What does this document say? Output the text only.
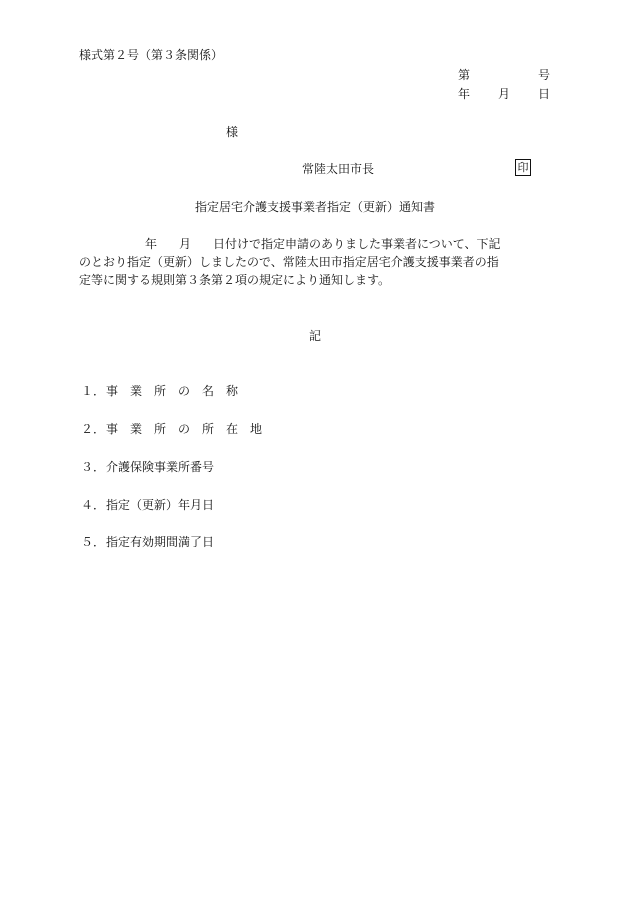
様式第２号（第３条関係）
第	号
年 月 日
様
常陸太田市長	印
指定居宅介護支援事業者指定（更新）通知書
年 月 日付けで指定申請のありました事業者について、下記
のとおり指定（更新）しましたので、常陸太田市指定居宅介護支援事業者の指
定等に関する規則第３条第２項の規定により通知します。
記
１．事　業　所　の　名　称
２．事　業　所　の　所　在　地
３．介護保険事業所番号
４．指定（更新）年月日
５．指定有効期間満了日
